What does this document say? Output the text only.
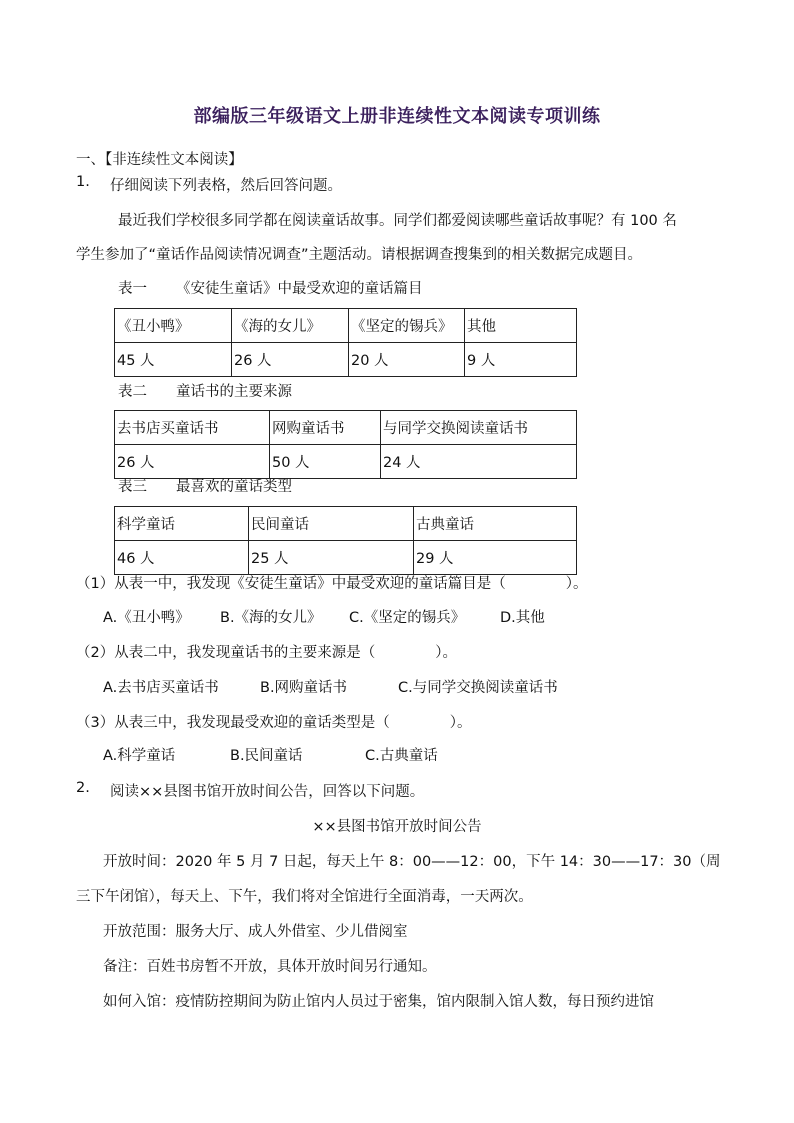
部编版三年级语文上册非连续性文本阅读专项训练
一、【非连续性文本阅读】
1. 仔细阅读下列表格，然后回答问题。
最近我们学校很多同学都在阅读童话故事。同学们都爱阅读哪些童话故事呢？有 100 名
学生参加了“童话作品阅读情况调查”主题活动。请根据调查搜集到的相关数据完成题目。
表一 《安徒生童话》中最受欢迎的童话篇目
《丑小鸭》	《海的女儿》	《坚定的锡兵》	其他
45 人	26 人	20 人	9 人
表二 童话书的主要来源
去书店买童话书	网购童话书	与同学交换阅读童话书
26 人	50 人	24 人
表三 最喜欢的童话类型
科学童话	民间童话	古典童话
46 人	25 人	29 人
（1）从表一中，我发现《安徒生童话》中最受欢迎的童话篇目是（	）。
A.《丑小鸭》 B.《海的女儿》 C.《坚定的锡兵》 D.其他
（2）从表二中，我发现童话书的主要来源是（	）。
A.去书店买童话书	B.网购童话书	C.与同学交换阅读童话书
（3）从表三中，我发现最受欢迎的童话类型是（	）。
A.科学童话	B.民间童话	C.古典童话
2. 阅读××县图书馆开放时间公告，回答以下问题。
××县图书馆开放时间公告
开放时间：2020 年 5 月 7 日起，每天上午 8：00——12：00，下午 14：30——17：30（周
三下午闭馆），每天上、下午，我们将对全馆进行全面消毒，一天两次。
开放范围：服务大厅、成人外借室、少儿借阅室
备注：百姓书房暂不开放，具体开放时间另行通知。
如何入馆：疫情防控期间为防止馆内人员过于密集，馆内限制入馆人数，每日预约进馆
